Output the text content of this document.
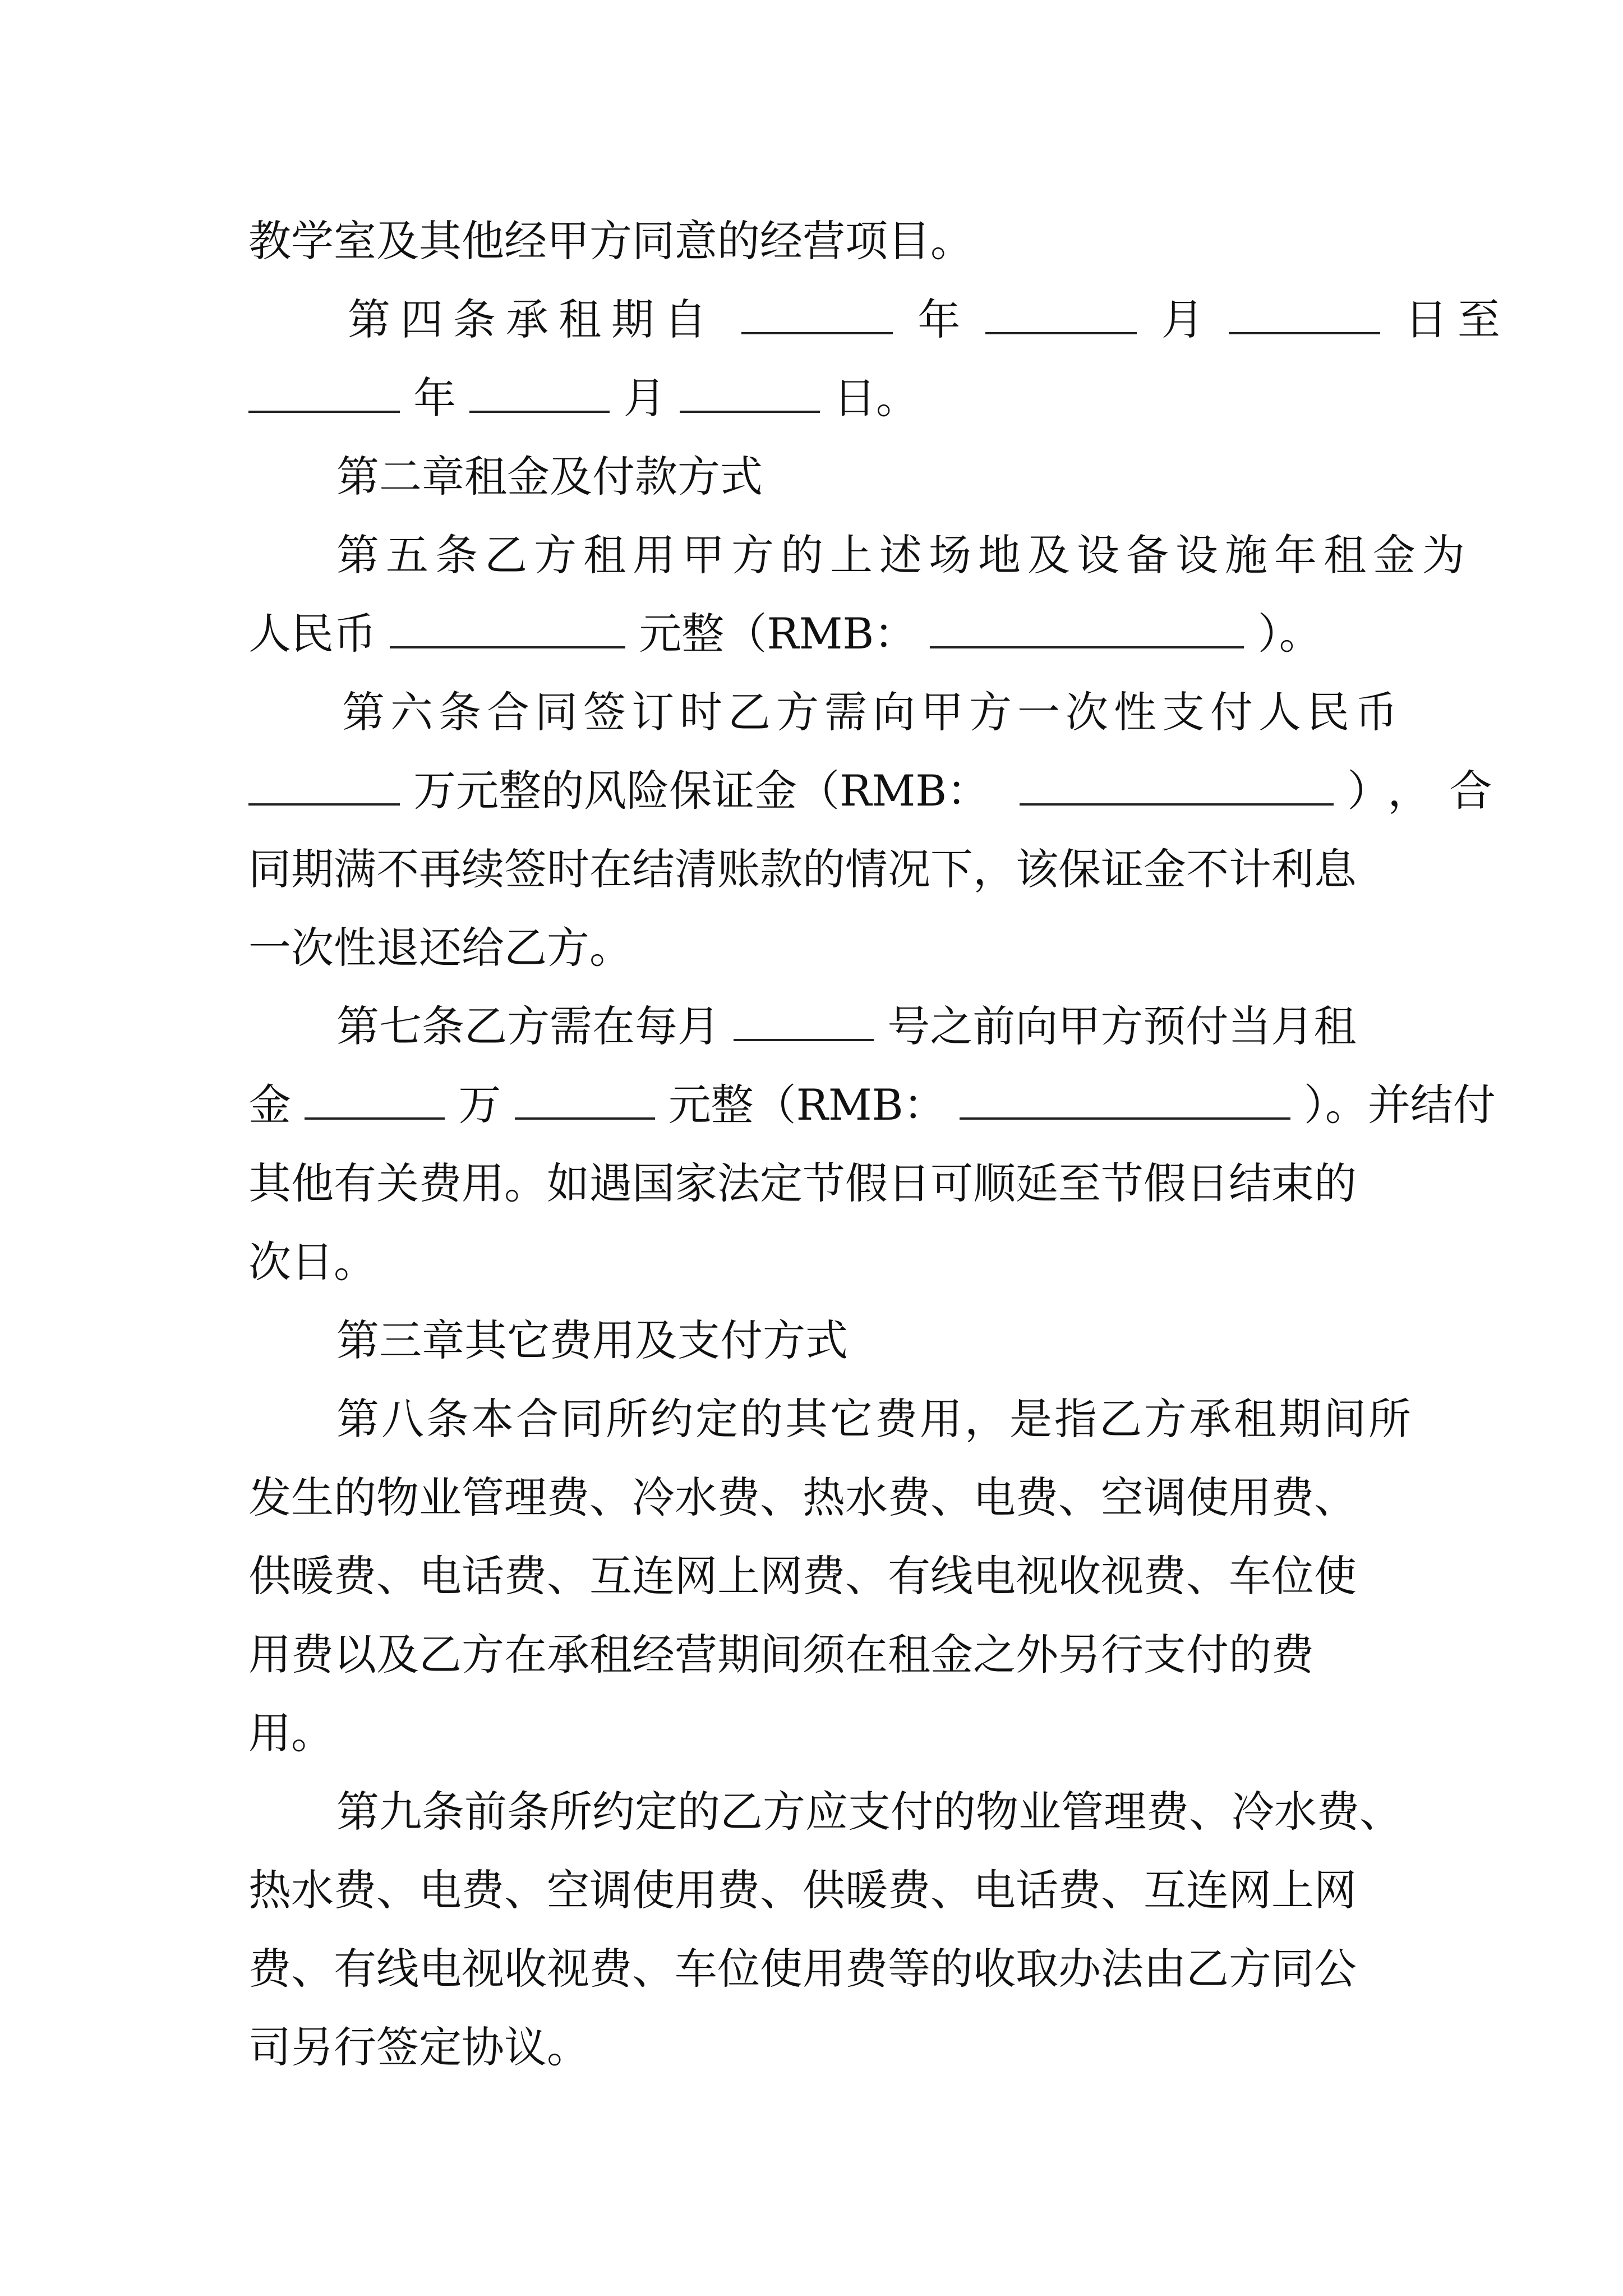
教学室及其他经甲方同意的经营项目。
第四条承租期自	年	月	日至
年	月	日。
第二章租金及付款方式
第五条乙方租用甲方的上述场地及设备设施年租金为
人民币	元整（RMB：	）。
第六条合同签订时乙方需向甲方一次性支付人民币
万元整的风险保证金（RMB：	），合
同期满不再续签时在结清账款的情况下，该保证金不计利息
一次性退还给乙方。
第七条乙方需在每月	号之前向甲方预付当月租
金	万	元整（RMB：	）。并结付
其他有关费用。如遇国家法定节假日可顺延至节假日结束的
次日。
第三章其它费用及支付方式
第八条本合同所约定的其它费用，是指乙方承租期间所
发生的物业管理费、冷水费、热水费、电费、空调使用费、
供暖费、电话费、互连网上网费、有线电视收视费、车位使
用费以及乙方在承租经营期间须在租金之外另行支付的费
用。
第九条前条所约定的乙方应支付的物业管理费、冷水费、
热水费、电费、空调使用费、供暖费、电话费、互连网上网
费、有线电视收视费、车位使用费等的收取办法由乙方同公
司另行签定协议。
